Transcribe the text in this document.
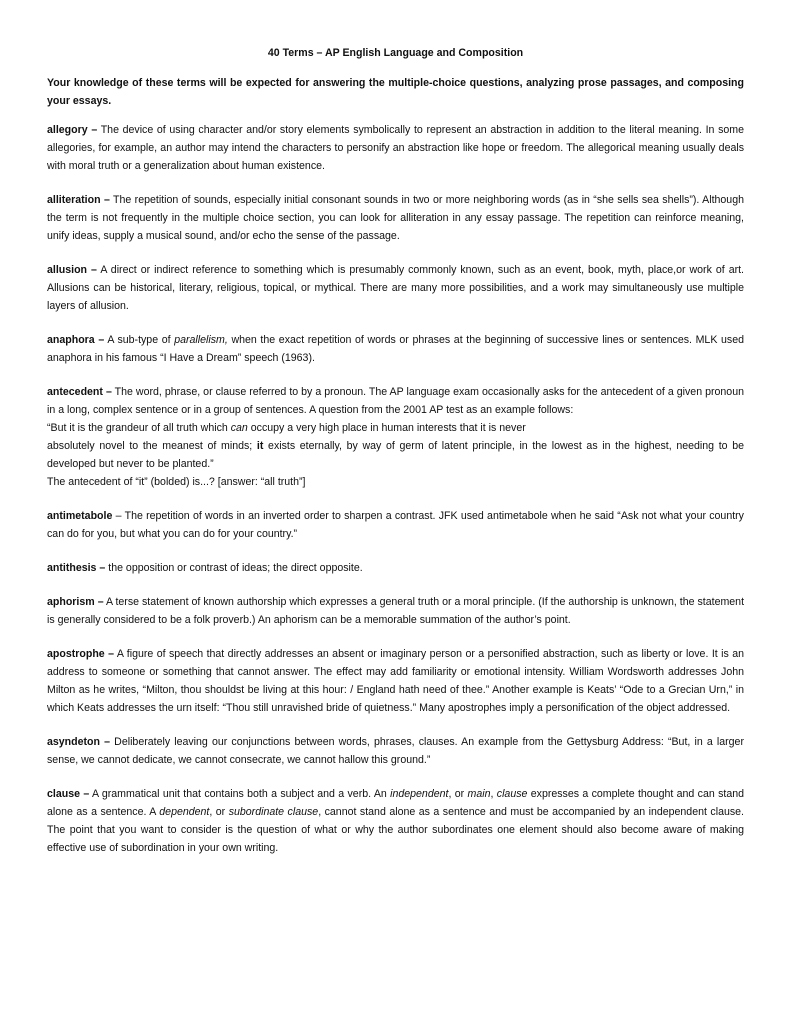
40 Terms – AP English Language and Composition
Your knowledge of these terms will be expected for answering the multiple-choice questions, analyzing prose passages, and composing your essays.
allegory – The device of using character and/or story elements symbolically to represent an abstraction in addition to the literal meaning. In some allegories, for example, an author may intend the characters to personify an abstraction like hope or freedom. The allegorical meaning usually deals with moral truth or a generalization about human existence.
alliteration – The repetition of sounds, especially initial consonant sounds in two or more neighboring words (as in “she sells sea shells”). Although the term is not frequently in the multiple choice section, you can look for alliteration in any essay passage. The repetition can reinforce meaning, unify ideas, supply a musical sound, and/or echo the sense of the passage.
allusion – A direct or indirect reference to something which is presumably commonly known, such as an event, book, myth, place,or work of art. Allusions can be historical, literary, religious, topical, or mythical. There are many more possibilities, and a work may simultaneously use multiple layers of allusion.
anaphora – A sub-type of parallelism, when the exact repetition of words or phrases at the beginning of successive lines or sentences. MLK used anaphora in his famous “I Have a Dream” speech (1963).
antecedent – The word, phrase, or clause referred to by a pronoun. The AP language exam occasionally asks for the antecedent of a given pronoun in a long, complex sentence or in a group of sentences. A question from the 2001 AP test as an example follows:
“But it is the grandeur of all truth which can occupy a very high place in human interests that it is never
absolutely novel to the meanest of minds; it exists eternally, by way of germ of latent principle, in the lowest as in the highest, needing to be developed but never to be planted.”
The antecedent of “it” (bolded) is...? [answer: “all truth”]
antimetabole – The repetition of words in an inverted order to sharpen a contrast. JFK used antimetabole when he said “Ask not what your country can do for you, but what you can do for your country.”
antithesis – the opposition or contrast of ideas; the direct opposite.
aphorism – A terse statement of known authorship which expresses a general truth or a moral principle. (If the authorship is unknown, the statement is generally considered to be a folk proverb.) An aphorism can be a memorable summation of the author’s point.
apostrophe – A figure of speech that directly addresses an absent or imaginary person or a personified abstraction, such as liberty or love. It is an address to someone or something that cannot answer. The effect may add familiarity or emotional intensity. William Wordsworth addresses John Milton as he writes, “Milton, thou shouldst be living at this hour: / England hath need of thee.” Another example is Keats’ “Ode to a Grecian Urn,” in which Keats addresses the urn itself: “Thou still unravished bride of quietness.” Many apostrophes imply a personification of the object addressed.
asyndeton – Deliberately leaving our conjunctions between words, phrases, clauses. An example from the Gettysburg Address: “But, in a larger sense, we cannot dedicate, we cannot consecrate, we cannot hallow this ground.”
clause – A grammatical unit that contains both a subject and a verb. An independent, or main, clause expresses a complete thought and can stand alone as a sentence. A dependent, or subordinate clause, cannot stand alone as a sentence and must be accompanied by an independent clause. The point that you want to consider is the question of what or why the author subordinates one element should also become aware of making effective use of subordination in your own writing.
